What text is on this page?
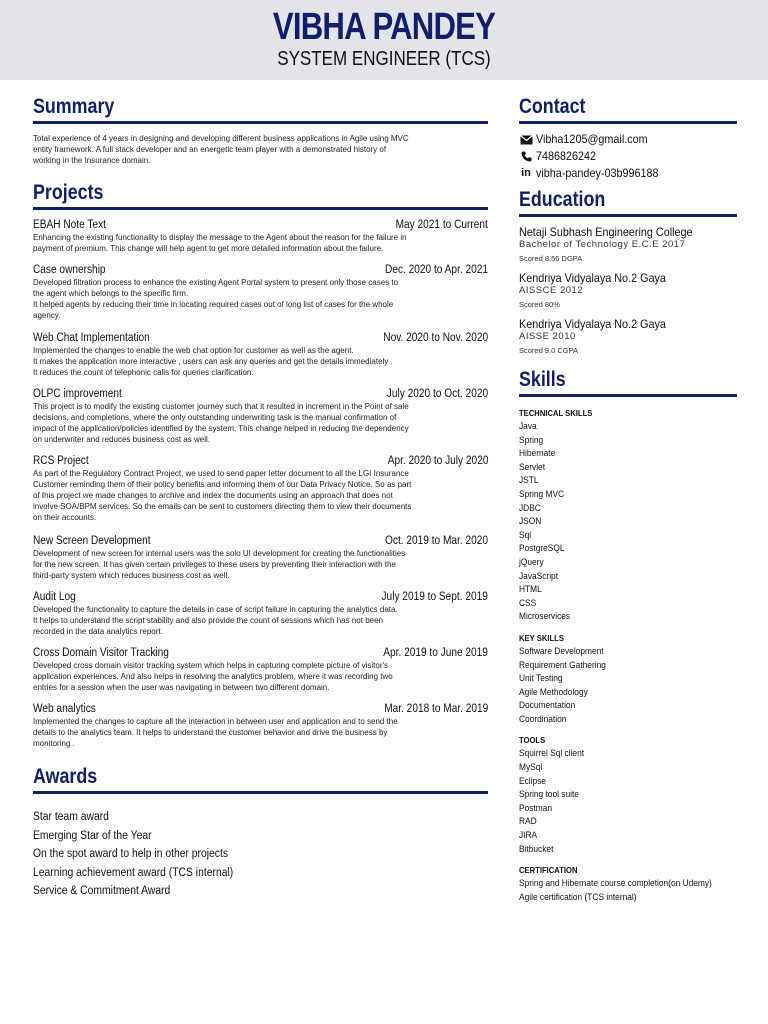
VIBHA PANDEY
SYSTEM ENGINEER (TCS)
Summary
Total experience of 4 years in designing and developing different business applications in Agile using MVC
entity framework. A full stack developer and an energetic team player with a demonstrated history of
working in the Insurance domain.
Projects
EBAH Note Text	May 2021 to Current
Enhancing the existing functionality to display the message to the Agent about the reason for the failure in
payment of premium. This change will help agent to get more detailed information about the failure.
Case ownership	Dec. 2020 to Apr. 2021
Developed filtration process to enhance the existing Agent Portal system to present only those cases to
the agent which belongs to the specific firm.
It helped agents by reducing their time in locating required cases out of long list of cases for the whole
agency.
Web Chat Implementation	Nov. 2020 to Nov. 2020
Implemented the changes to enable the web chat option for customer as well as the agent.
It makes the application more interactive , users can ask any queries and get the details immediately .
It reduces the count of telephonic calls for queries clarification.
OLPC improvement	July 2020 to Oct. 2020
This project is to modify the existing customer journey such that it resulted in increment in the Point of sale
decisions, and completions, where the only outstanding underwriting task is the manual confirmation of
impact of the application/policies identified by the system. This change helped in reducing the dependency
on underwriter and reduces business cost as well.
RCS Project	Apr. 2020 to July 2020
As part of the Regulatory Contract Project, we used to send paper letter document to all the LGI Insurance
Customer reminding them of their policy benefits and informing them of our Data Privacy Notice. So as part
of this project we made changes to archive and index the documents using an approach that does not
involve SOA/BPM services. So the emails can be sent to customers directing them to view their documents
on their accounts.
New Screen Development	Oct. 2019 to Mar. 2020
Development of new screen for internal users was the solo UI development for creating the functionalities
for the new screen. It has given certain privileges to these users by preventing their interaction with the
third-party system which reduces business cost as well.
Audit Log	July 2019 to Sept. 2019
Developed the functionality to capture the details in case of script failure in capturing the analytics data.
It helps to understand the script stability and also provide the count of sessions which has not been
recorded in the data analytics report.
Cross Domain Visitor Tracking	Apr. 2019 to June 2019
Developed cross domain visitor tracking system which helps in capturing complete picture of visitor's
application experiences. And also helps in resolving the analytics problem, where it was recording two
entries for a session when the user was navigating in between two different domain.
Web analytics	Mar. 2018 to Mar. 2019
Implemented the changes to capture all the interaction in between user and application and to send the
details to the analytics team. It helps to understand the customer behavior and drive the business by
monitoring .
Awards
Star team award
Emerging Star of the Year
On the spot award to help in other projects
Learning achievement award (TCS internal)
Service & Commitment Award
Contact
Vibha1205@gmail.com
7486826242
in vibha-pandey-03b996188
Education
Netaji Subhash Engineering College
Bachelor of Technology E.C.E 2017
Scored 8.56 DGPA
Kendriya Vidyalaya No.2 Gaya
AISSCE 2012
Scored 80%
Kendriya Vidyalaya No.2 Gaya
AISSE 2010
Scored 9.0 CGPA
Skills
TECHNICAL SKILLS
Java
Spring
Hibernate
Servlet
JSTL
Spring MVC
JDBC
JSON
Sql
PostgreSQL
jQuery
JavaScript
HTML
CSS
Microservices
KEY SKILLS
Software Development
Requirement Gathering
Unit Testing
Agile Methodology
Documentation
Coordination
TOOLS
Squirrel Sql client
MySql
Eclipse
Spring tool suite
Postman
RAD
JIRA
Bitbucket
CERTIFICATION
Spring and Hibernate course completion(on Udemy)
Agile certification (TCS internal)
